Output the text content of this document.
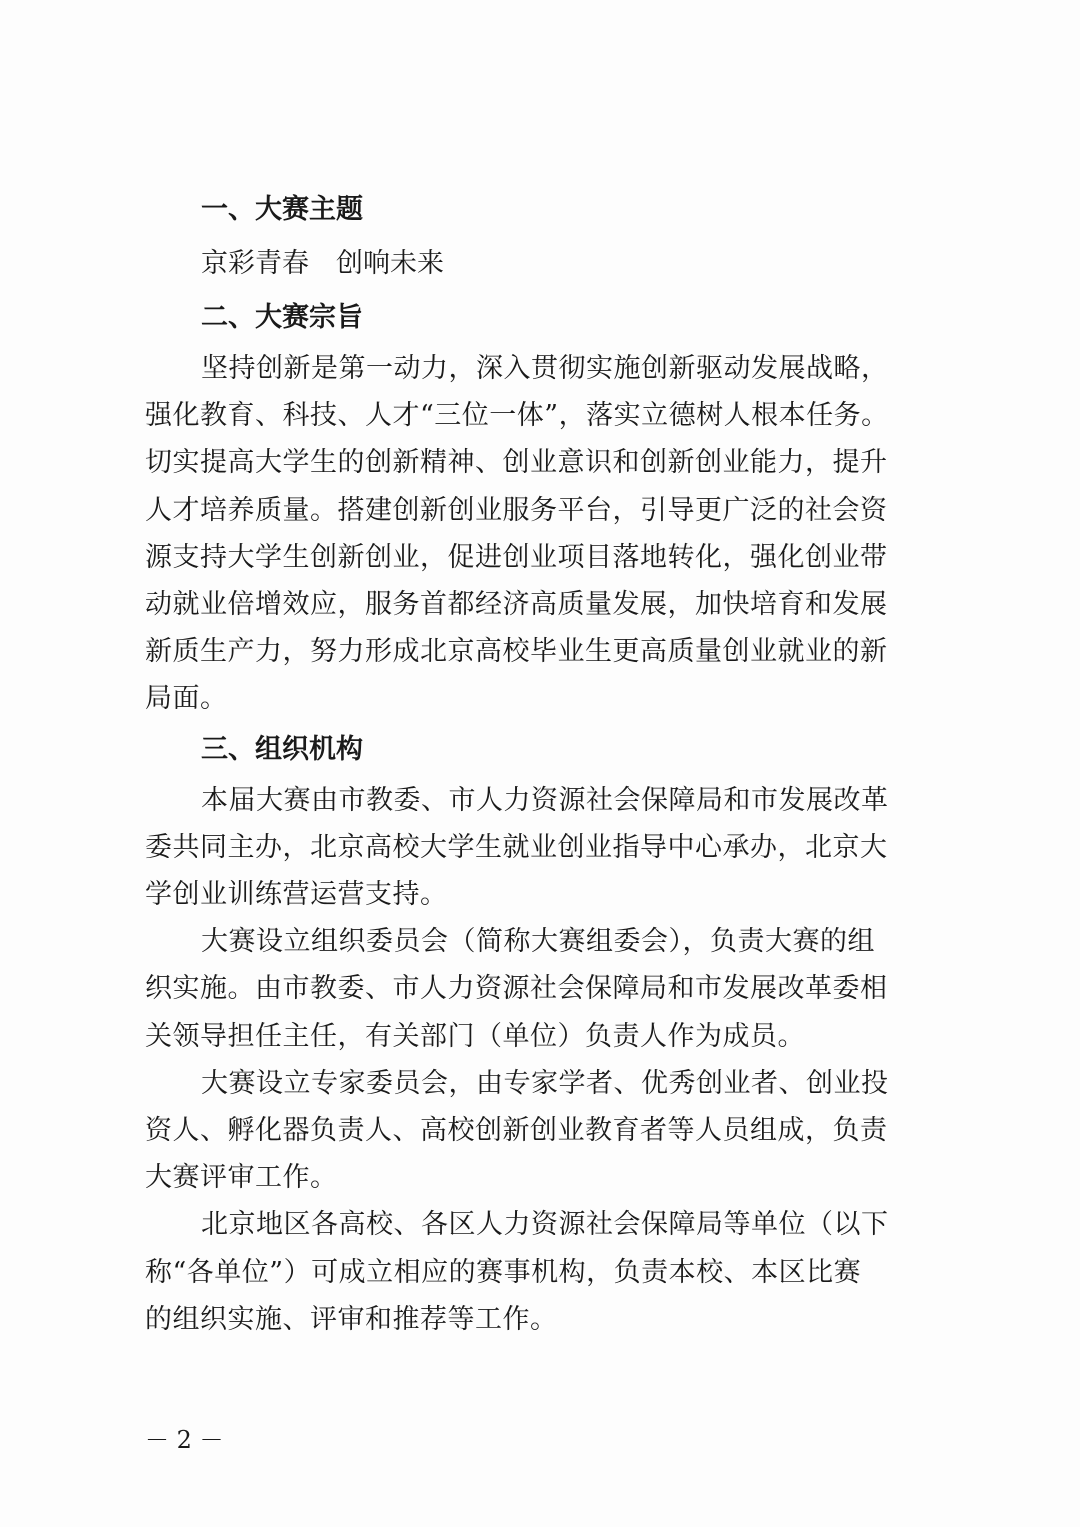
一、大赛主题
京彩青春　创响未来
二、大赛宗旨
坚持创新是第一动力，深入贯彻实施创新驱动发展战略，
强化教育、科技、人才“三位一体”，落实立德树人根本任务。
切实提高大学生的创新精神、创业意识和创新创业能力，提升
人才培养质量。搭建创新创业服务平台，引导更广泛的社会资
源支持大学生创新创业，促进创业项目落地转化，强化创业带
动就业倍增效应，服务首都经济高质量发展，加快培育和发展
新质生产力，努力形成北京高校毕业生更高质量创业就业的新
局面。
三、组织机构
本届大赛由市教委、市人力资源社会保障局和市发展改革
委共同主办，北京高校大学生就业创业指导中心承办，北京大
学创业训练营运营支持。
大赛设立组织委员会（简称大赛组委会），负责大赛的组
织实施。由市教委、市人力资源社会保障局和市发展改革委相
关领导担任主任，有关部门（单位）负责人作为成员。
大赛设立专家委员会，由专家学者、优秀创业者、创业投
资人、孵化器负责人、高校创新创业教育者等人员组成，负责
大赛评审工作。
北京地区各高校、各区人力资源社会保障局等单位（以下
称“各单位”）可成立相应的赛事机构，负责本校、本区比赛
的组织实施、评审和推荐等工作。
－ 2 －
